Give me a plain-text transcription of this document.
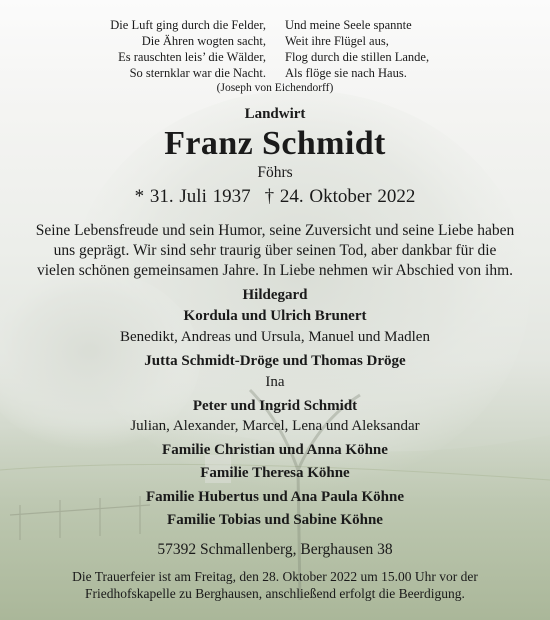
Die Luft ging durch die Felder,
Die Ähren wogten sacht,
Es rauschten leis’ die Wälder,
So sternklar war die Nacht.
Und meine Seele spannte
Weit ihre Flügel aus,
Flog durch die stillen Lande,
Als flöge sie nach Haus.
(Joseph von Eichendorff)
Landwirt
Franz Schmidt
Föhrs
* 31. Juli 1937 † 24. Oktober 2022
Seine Lebensfreude und sein Humor, seine Zuversicht und seine Liebe haben
uns geprägt. Wir sind sehr traurig über seinen Tod, aber dankbar für die
vielen schönen gemeinsamen Jahre. In Liebe nehmen wir Abschied von ihm.
Hildegard
Kordula und Ulrich Brunert
Benedikt, Andreas und Ursula, Manuel und Madlen
Jutta Schmidt-Dröge und Thomas Dröge
Ina
Peter und Ingrid Schmidt
Julian, Alexander, Marcel, Lena und Aleksandar
Familie Christian und Anna Köhne
Familie Theresa Köhne
Familie Hubertus und Ana Paula Köhne
Familie Tobias und Sabine Köhne
57392 Schmallenberg, Berghausen 38
Die Trauerfeier ist am Freitag, den 28. Oktober 2022 um 15.00 Uhr vor der
Friedhofskapelle zu Berghausen, anschließend erfolgt die Beerdigung.
